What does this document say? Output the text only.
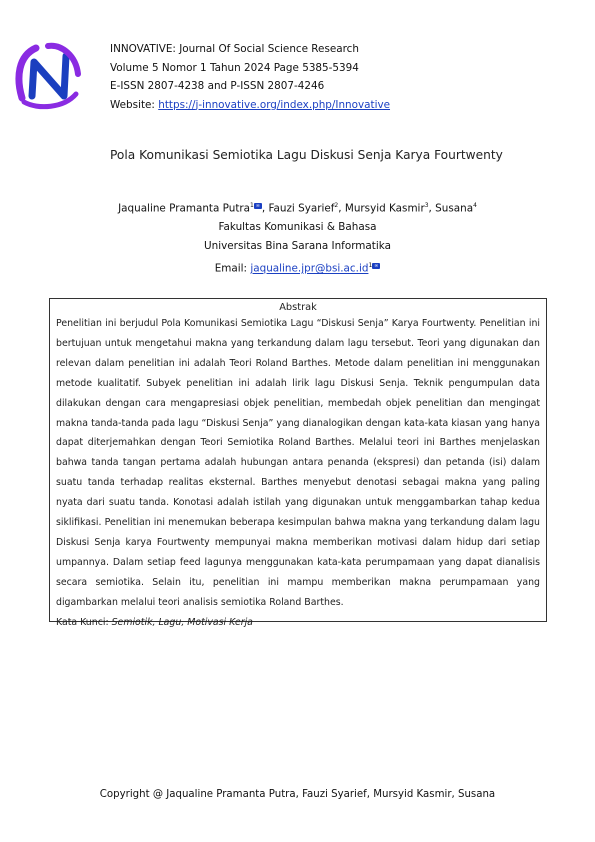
INNOVATIVE: Journal Of Social Science Research
Volume 5 Nomor 1 Tahun 2024 Page 5385-5394
E-ISSN 2807-4238 and P-ISSN 2807-4246
Website: https://j-innovative.org/index.php/Innovative
Pola Komunikasi Semiotika Lagu Diskusi Senja Karya Fourtwenty
Jaqualine Pramanta Putra$^1$ ✉ , Fauzi Syarief$^2$, Mursyid Kasmir$^3$, Susana$^4$
Fakultas Komunikasi & Bahasa
Universitas Bina Sarana Informatika
Email: $jaqualine.jpr@bsi.ac.id^1$ ✉
Abstrak
Penelitian ini berjudul Pola Komunikasi Semiotika Lagu “Diskusi Senja” Karya Fourtwenty. Penelitian ini bertujuan untuk mengetahui makna yang terkandung dalam lagu tersebut. Teori yang digunakan dan relevan dalam penelitian ini adalah Teori Roland Barthes. Metode dalam penelitian ini menggunakan metode kualitatif. Subyek penelitian ini adalah lirik lagu Diskusi Senja. Teknik pengumpulan data dilakukan dengan cara mengapresiasi objek penelitian, membedah objek penelitian dan mengingat makna tanda-tanda pada lagu “Diskusi Senja” yang dianalogikan dengan kata-kata kiasan yang hanya dapat diterjemahkan dengan Teori Semiotika Roland Barthes. Melalui teori ini Barthes menjelaskan bahwa tanda tangan pertama adalah hubungan antara penanda (ekspresi) dan petanda (isi) dalam suatu tanda terhadap realitas eksternal. Barthes menyebut denotasi sebagai makna yang paling nyata dari suatu tanda. Konotasi adalah istilah yang digunakan untuk menggambarkan tahap kedua siklifikasi. Penelitian ini menemukan beberapa kesimpulan bahwa makna yang terkandung dalam lagu Diskusi Senja karya Fourtwenty mempunyai makna memberikan motivasi dalam hidup dari setiap umpannya. Dalam setiap feed lagunya menggunakan kata-kata perumpamaan yang dapat dianalisis secara semiotika. Selain itu, penelitian ini mampu memberikan makna perumpamaan yang digambarkan melalui teori analisis semiotika Roland Barthes.
Kata Kunci: Semiotik, Lagu, Motivasi Kerja
Copyright @ Jaqualine Pramanta Putra, Fauzi Syarief, Mursyid Kasmir, Susana
